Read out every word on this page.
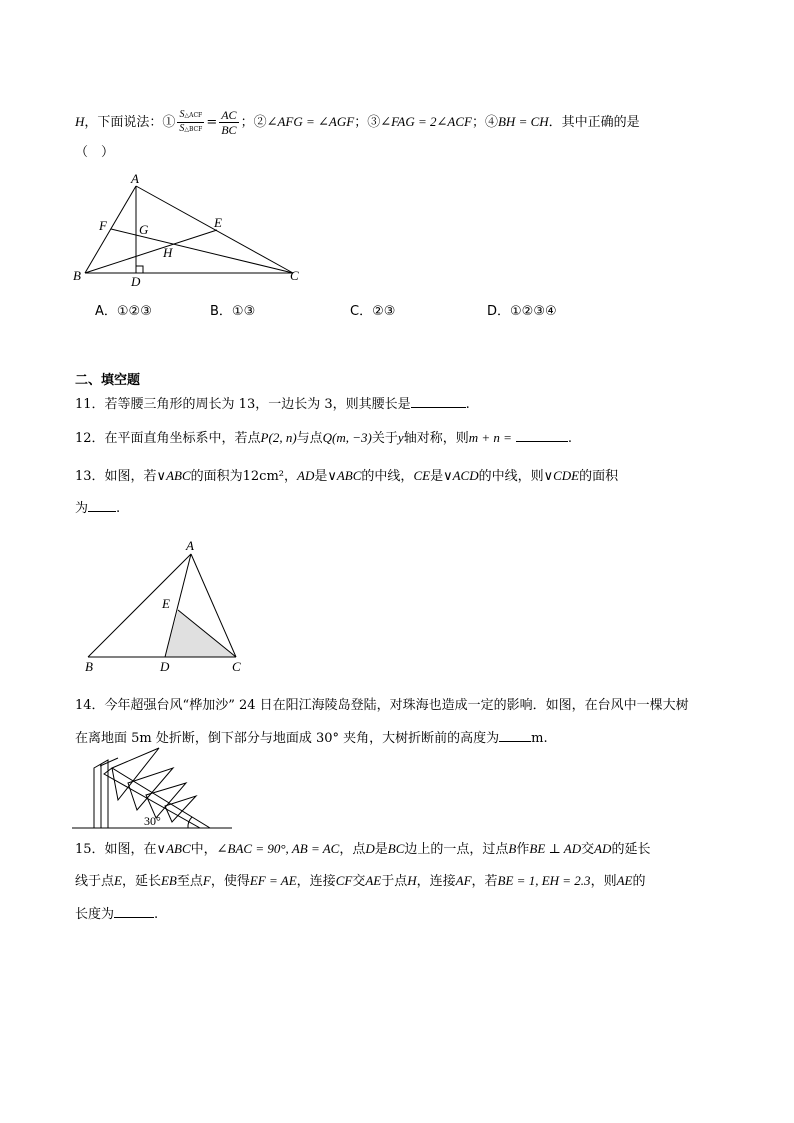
H，下面说法：① $\frac{\text{S△ACF}}{\text{S△BCF}} = \frac{AC}{BC}$ ；②∠AFG = ∠AGF；③∠FAG = 2∠ACF；④BH = CH．其中正确的是
（　）
A
F G	E
H
B	D	C
A．①②③	B．①③	C．②③	D．①②③④
二、填空题
11．若等腰三角形的周长为 13，一边长为 3，则其腰长是	.
12．在平面直角坐标系中，若点P(2, n)与点Q(m, −3)关于y轴对称，则m + n =	.
13．如图，若∨ABC的面积为12cm²，AD是∨ABC的中线，CE是∨ACD的中线，则∨CDE的面积
为 .
A
E
B	D	C
14．今年超强台风“桦加沙” 24 日在阳江海陵岛登陆，对珠海也造成一定的影响．如图，在台风中一棵大树
在离地面 5m 处折断，倒下部分与地面成 30° 夹角，大树折断前的高度为 m.
30°
15．如图，在∨ABC中，∠BAC = 90°, AB = AC，点D是BC边上的一点，过点B作BE ⊥ AD交AD的延长
线于点E，延长EB至点F，使得EF = AE，连接CF交AE于点H，连接AF，若BE = 1, EH = 2.3，则AE的
长度为	.
